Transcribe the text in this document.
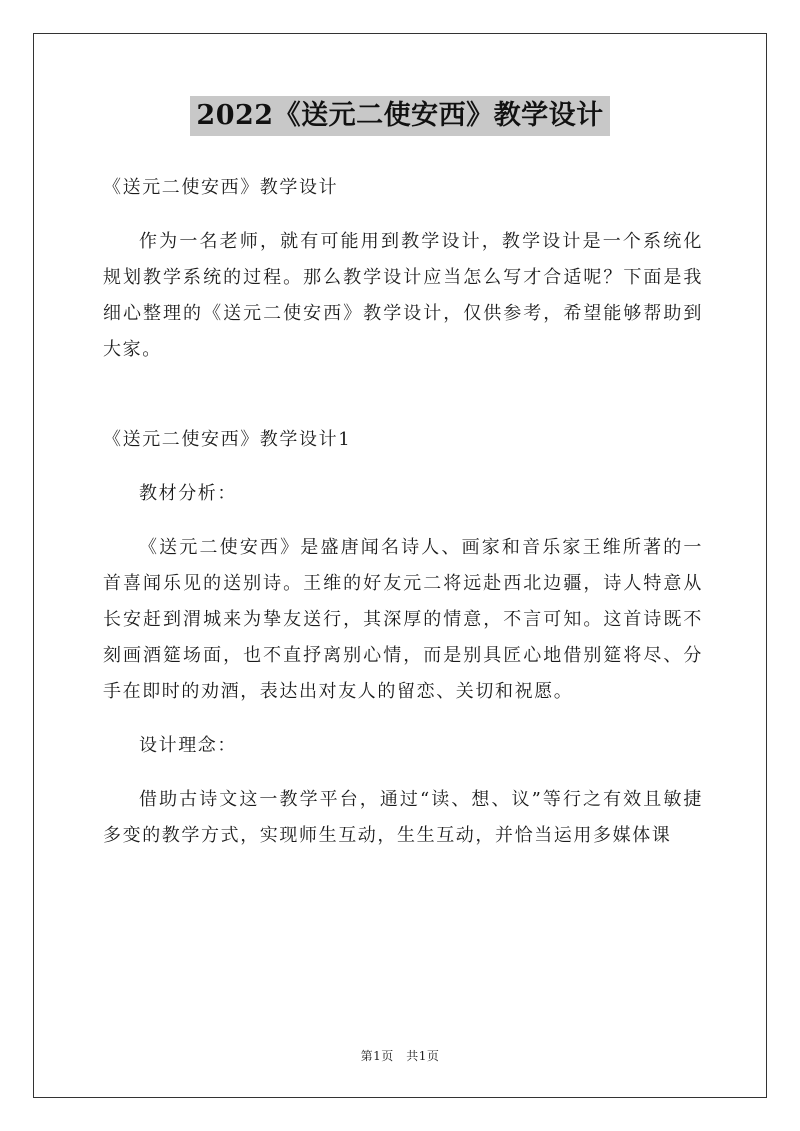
2022《送元二使安西》教学设计

《送元二使安西》教学设计

作为一名老师，就有可能用到教学设计，教学设计是一个系统化规划教学系统的过程。那么教学设计应当怎么写才合适呢？下面是我细心整理的《送元二使安西》教学设计，仅供参考，希望能够帮助到大家。

《送元二使安西》教学设计1

教材分析：

《送元二使安西》是盛唐闻名诗人、画家和音乐家王维所著的一首喜闻乐见的送别诗。王维的好友元二将远赴西北边疆，诗人特意从长安赶到渭城来为挚友送行，其深厚的情意，不言可知。这首诗既不刻画酒筵场面，也不直抒离别心情，而是别具匠心地借别筵将尽、分手在即时的劝酒，表达出对友人的留恋、关切和祝愿。

设计理念：

借助古诗文这一教学平台，通过“读、想、议”等行之有效且敏捷多变的教学方式，实现师生互动，生生互动，并恰当运用多媒体课

第1页　共1页
